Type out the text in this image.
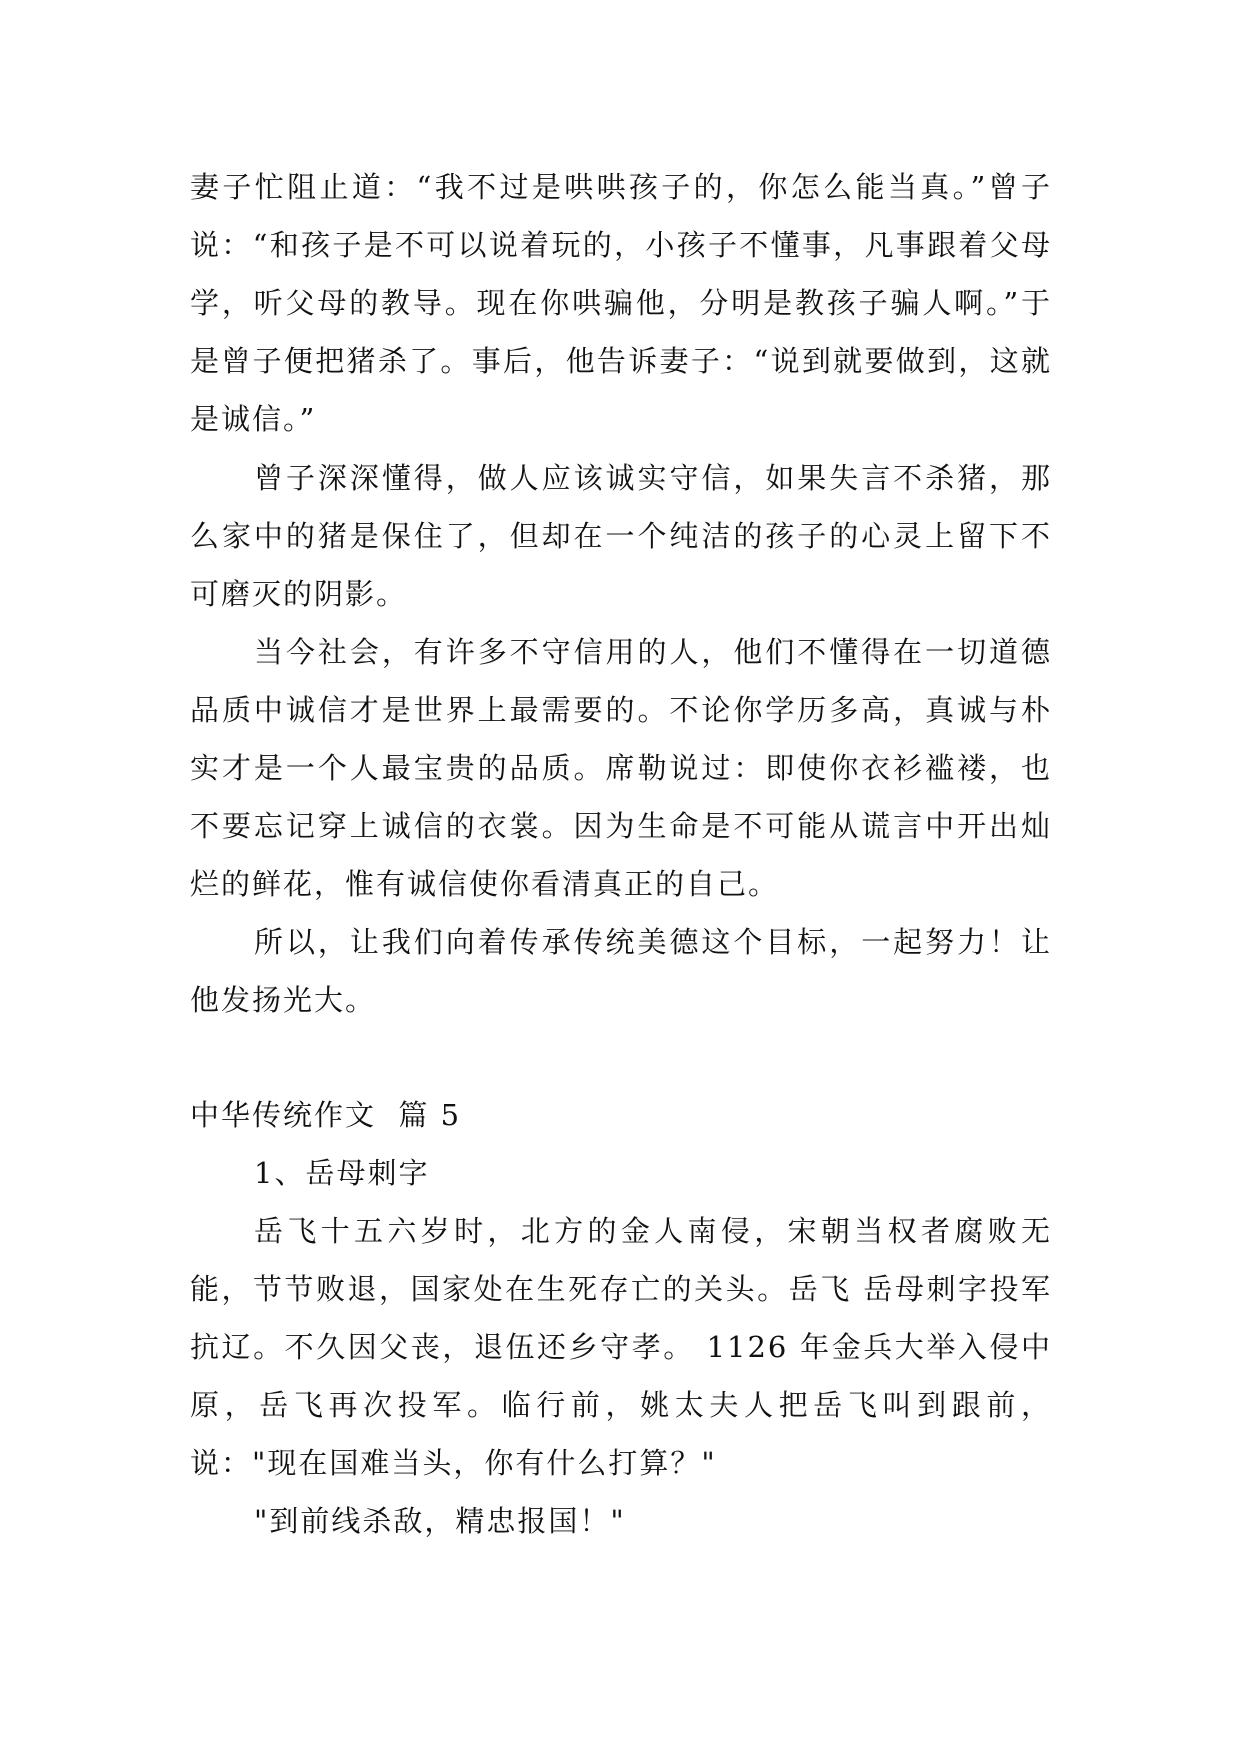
妻子忙阻止道：“我不过是哄哄孩子的，你怎么能当真。”曾子说：“和孩子是不可以说着玩的，小孩子不懂事，凡事跟着父母学，听父母的教导。现在你哄骗他，分明是教孩子骗人啊。”于是曾子便把猪杀了。事后，他告诉妻子：“说到就要做到，这就是诚信。”

曾子深深懂得，做人应该诚实守信，如果失言不杀猪，那么家中的猪是保住了，但却在一个纯洁的孩子的心灵上留下不可磨灭的阴影。

当今社会，有许多不守信用的人，他们不懂得在一切道德品质中诚信才是世界上最需要的。不论你学历多高，真诚与朴实才是一个人最宝贵的品质。席勒说过：即使你衣衫褴褛，也不要忘记穿上诚信的衣裳。因为生命是不可能从谎言中开出灿烂的鲜花，惟有诚信使你看清真正的自己。

所以，让我们向着传承传统美德这个目标，一起努力！让他发扬光大。

中华传统作文  篇 5

1、岳母刺字

岳飞十五六岁时，北方的金人南侵，宋朝当权者腐败无能，节节败退，国家处在生死存亡的关头。岳飞 岳母刺字投军抗辽。不久因父丧，退伍还乡守孝。 1126 年金兵大举入侵中原，岳飞再次投军。临行前，姚太夫人把岳飞叫到跟前，说："现在国难当头，你有什么打算？"

"到前线杀敌，精忠报国！"
